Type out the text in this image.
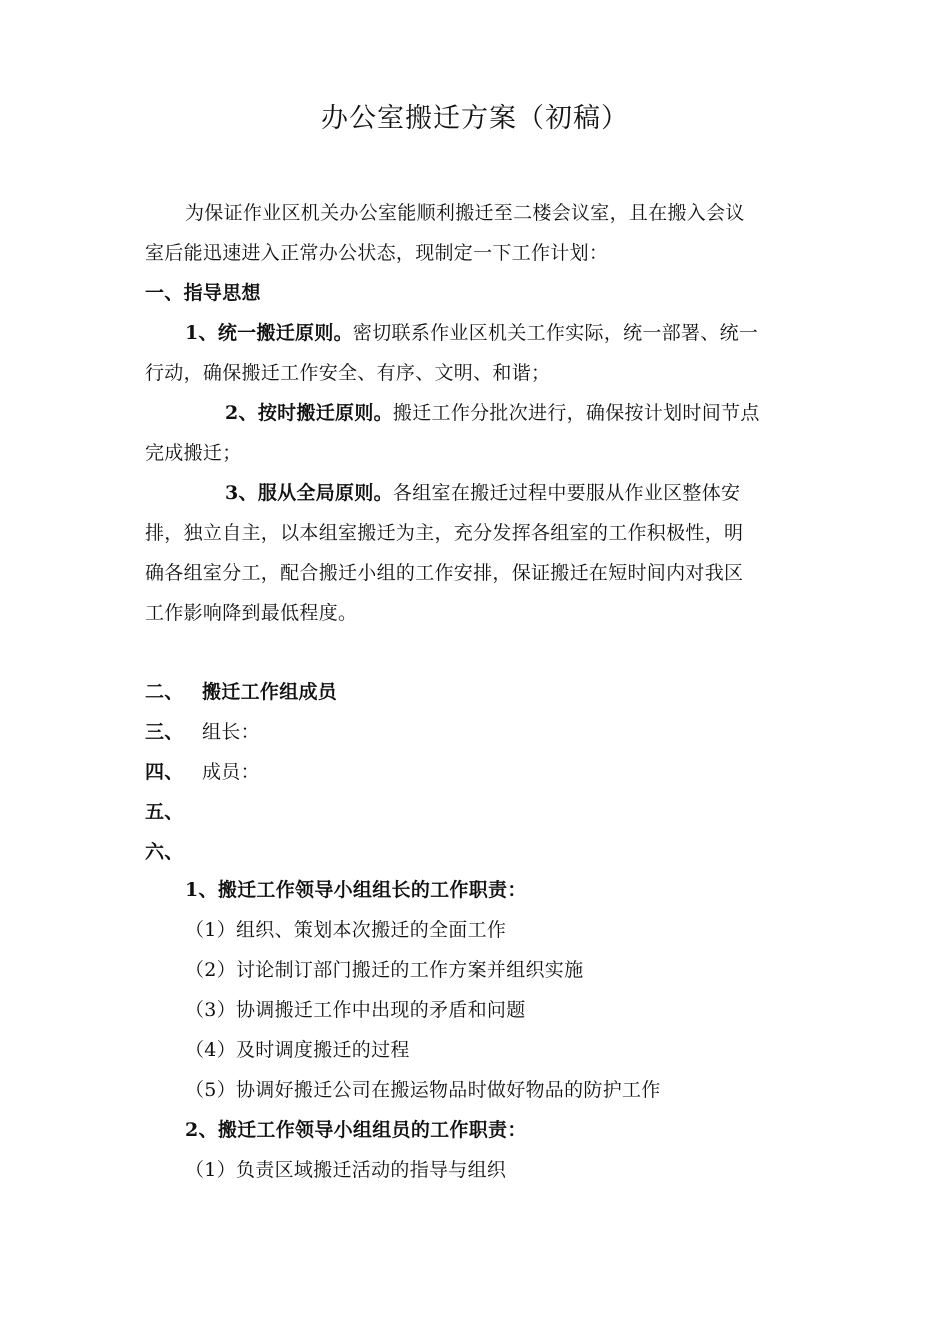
办公室搬迁方案（初稿）
为保证作业区机关办公室能顺利搬迁至二楼会议室，且在搬入会议
室后能迅速进入正常办公状态，现制定一下工作计划：
一、指导思想
1、统一搬迁原则。密切联系作业区机关工作实际，统一部署、统一
行动，确保搬迁工作安全、有序、文明、和谐；
2、按时搬迁原则。搬迁工作分批次进行，确保按计划时间节点
完成搬迁；
3、服从全局原则。各组室在搬迁过程中要服从作业区整体安
排，独立自主，以本组室搬迁为主，充分发挥各组室的工作积极性，明
确各组室分工，配合搬迁小组的工作安排，保证搬迁在短时间内对我区
工作影响降到最低程度。
二、 搬迁工作组成员
三、 组长：
四、 成员：
五、
六、
1、搬迁工作领导小组组长的工作职责：
（1）组织、策划本次搬迁的全面工作
（2）讨论制订部门搬迁的工作方案并组织实施
（3）协调搬迁工作中出现的矛盾和问题
（4）及时调度搬迁的过程
（5）协调好搬迁公司在搬运物品时做好物品的防护工作
2、搬迁工作领导小组组员的工作职责：
（1）负责区域搬迁活动的指导与组织
